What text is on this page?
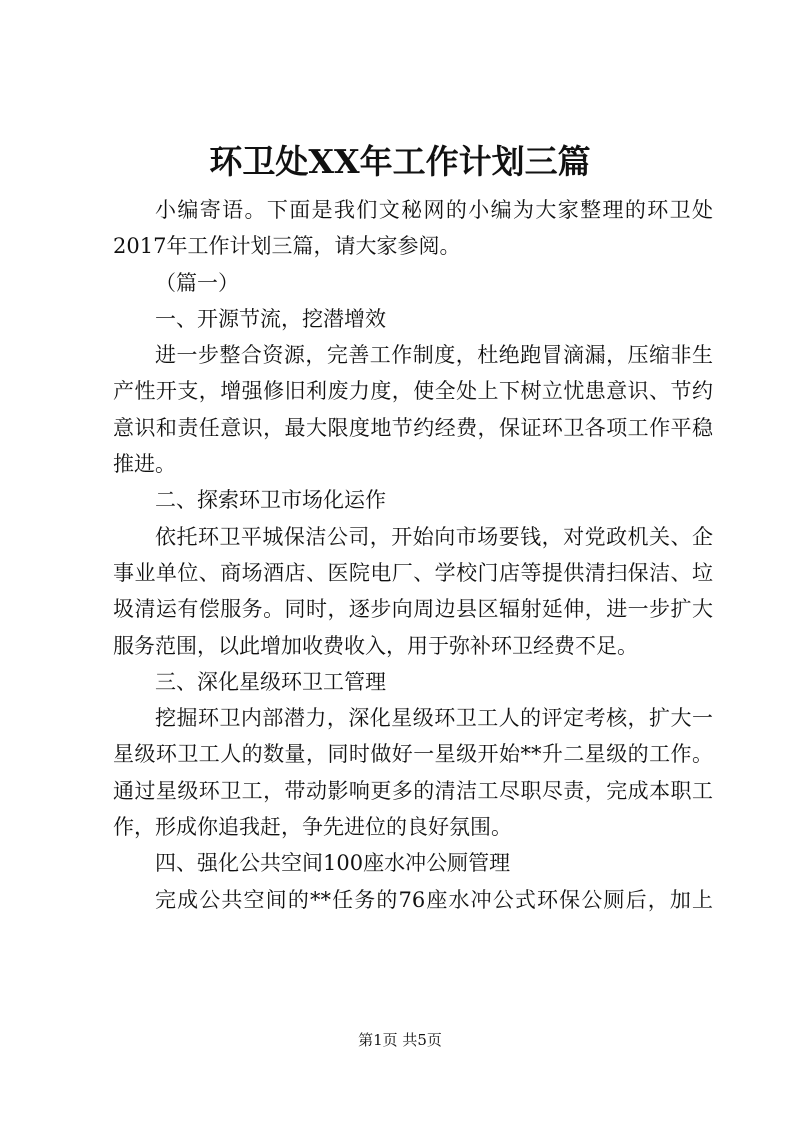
环卫处XX年工作计划三篇
小编寄语。下面是我们文秘网的小编为大家整理的环卫处
2017年工作计划三篇，请大家参阅。
（篇一）
一、开源节流，挖潜增效
进一步整合资源，完善工作制度，杜绝跑冒滴漏，压缩非生
产性开支，增强修旧利废力度，使全处上下树立忧患意识、节约
意识和责任意识，最大限度地节约经费，保证环卫各项工作平稳
推进。
二、探索环卫市场化运作
依托环卫平城保洁公司，开始向市场要钱，对党政机关、企
事业单位、商场酒店、医院电厂、学校门店等提供清扫保洁、垃
圾清运有偿服务。同时，逐步向周边县区辐射延伸，进一步扩大
服务范围，以此增加收费收入，用于弥补环卫经费不足。
三、深化星级环卫工管理
挖掘环卫内部潜力，深化星级环卫工人的评定考核，扩大一
星级环卫工人的数量，同时做好一星级开始**升二星级的工作。
通过星级环卫工，带动影响更多的清洁工尽职尽责，完成本职工
作，形成你追我赶，争先进位的良好氛围。
四、强化公共空间100座水冲公厕管理
完成公共空间的**任务的76座水冲公式环保公厕后，加上
第1页 共5页
